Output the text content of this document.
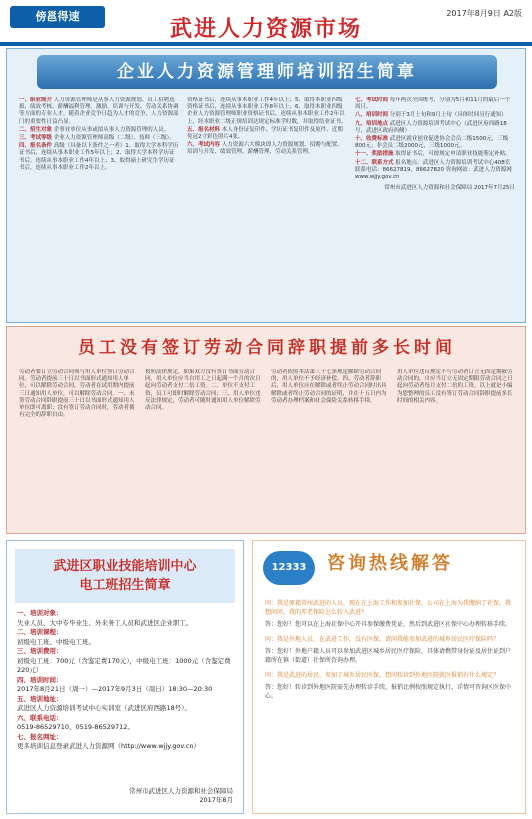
傍邕得速	武进人力资源市场
2017年8月9日 A2版
企业人力资源管理师培训招生简章

一、职业简介 人力资源管理师是从事人力资源规划、员工招聘选拔、绩效考核、薪酬福利管理、激励、培训与开发、劳动关系协调等方面的专业人才。随着企业竞争日趋为人才的竞争，人力资源部门的重要性日益凸显。

二、招生对象 企事业单位从事或拟从事人力资源管理的人员。

三、考试等级 企业人力资源管理师高级（二级）、技师（三级）。

四、报名条件 高级（具备以下条件之一者）1、取得大学本科学历证书后，连续从事本职业工作5年以上；2、取得大学本科学历证书后，连续从事本职业工作4年以上；3、取得硕士研究生学历证书后，连续从事本职业工作2年以上。

资格证书后，连续从事本职业工作4年以上；5、取得本职业四级资格证书后，连续从事本职业工作8年以上；6、取得本职业四级企业人力资源管理师职业资格证书后，连续从事本职业工作2年以上，经本职业二级正规培训达规定标准学时数，并取得结业证书。

五、报名材料 本人身份证复印件、学历证书复印件及原件、近期免冠2寸彩色照片4张。

六、考试内容 人力资源六大模块即人力资源规划、招聘与配置、培训与开发、绩效管理、薪酬管理、劳动关系管理。

七、考试时间 每年两次全国统考，分别为5月和11月的最后一个周日。

八、培训时间 分别于3月上旬和9月上旬（具体时间另行通知）

九、培训地点 武进区人力资源培训考试中心（武进区府西路18号，武进区政府西侧）

十、收费标准 武进区就业创业促进协会会员二级1500元，三级800元；非会员二级2000元，三级1000元。

十一、奖励措施 取得证书后，可按规定申请职业技能鉴定补贴。

十二、联系方式 报名地点：武进区人力资源培训考试中心408室 联系电话：86627819、86627820 咨询网站：武进人力资源网www.wjjy.gov.cn

常州市武进区人力资源和社会保障局 2017年7月25日

员工没有签订劳动合同辞职提前多长时间
劳动者要订立劳动合同须与用人单位签订劳动合同。劳动者提前三十日以书面形式通知用人单位，可以解除劳动合同。劳动者在试用期内提前三日通知用人单位，可以解除劳动合同。一、未签劳动合同辞职提前三十日以书面形式通知用人单位即可离职；没有签订劳动合同时，劳动者拥有完全的辞职自由。
按照法律规定，如果双方没有签订书面劳动合同，用人单位应当自用工之日起满一个月的次日起向劳动者支付二倍工资。二、单位不支付工资，员工可即时解除劳动合同；三、用人单位违反法律规定，劳动者可随时通知用人单位解除劳动合同。
劳动者依照本法第三十七条规定解除劳动合同的，用人单位不予经济补偿。四、劳动者辞职后，用人单位应在解除或者终止劳动合同时出具解除或者终止劳动合同的证明，并在十五日内为劳动者办理档案和社会保险关系转移手续。
用人单位违反规定不与劳动者订立无固定期限劳动合同的，自应当订立无固定期限劳动合同之日起向劳动者每月支付二倍的工资。以上就是小编为您整理的员工没有签订劳动合同辞职提前多长时间的相关内容。
武进区职业技能培训中心
电工班招生简章

一、培训对象：
失业人员、大中专毕业生、外来务工人员和武进区企业职工。

二、培训课程：
初级电工班、中级电工班。

三、培训费用：
初级电工班：700元（含鉴定费170元），中级电工班：1000元（含鉴定费220元）

四、培训时间：
2017年8月21日（周一）—2017年9月3日（周日）18:30—20:30

五、培训地址：
武进区人力资源培训考试中心实训室（武进区府西路18号）。

六、联系电话：
0519-86529710、0519-86529712。

七、报名网址：
更多培训信息登录武进人力资源网（http://www.wjjy.gov.cn）

常州市武进区人力资源和社会保障局
2017年8月
12333	咨询热线解答
问：我是原籍常州武进的人员，现在在上海工作和参加社保，公司在上海为我缴纳了社保。我想问问，我的养老保险怎么转入武进？
答：您好！您可以在上海社保中心开具参保缴费凭证，然后到武进区社保中心办理转移手续。
问：我是外地人员，在武进工作，没有医保，请问我能参加武进的城乡居民医疗保险吗？
答：您好！外地户籍人员可以参加武进区城乡居民医疗保险，具体请携带身份证及居住证到户籍所在镇（街道）社保所咨询办理。
问：我是武进的居民，参加了城乡居民医保，想问转诊到外地医院就医报销有什么规定？
答：您好！转诊到外地医院需先办理转诊手续，报销比例按照规定执行，详情可咨询区医保中心。
